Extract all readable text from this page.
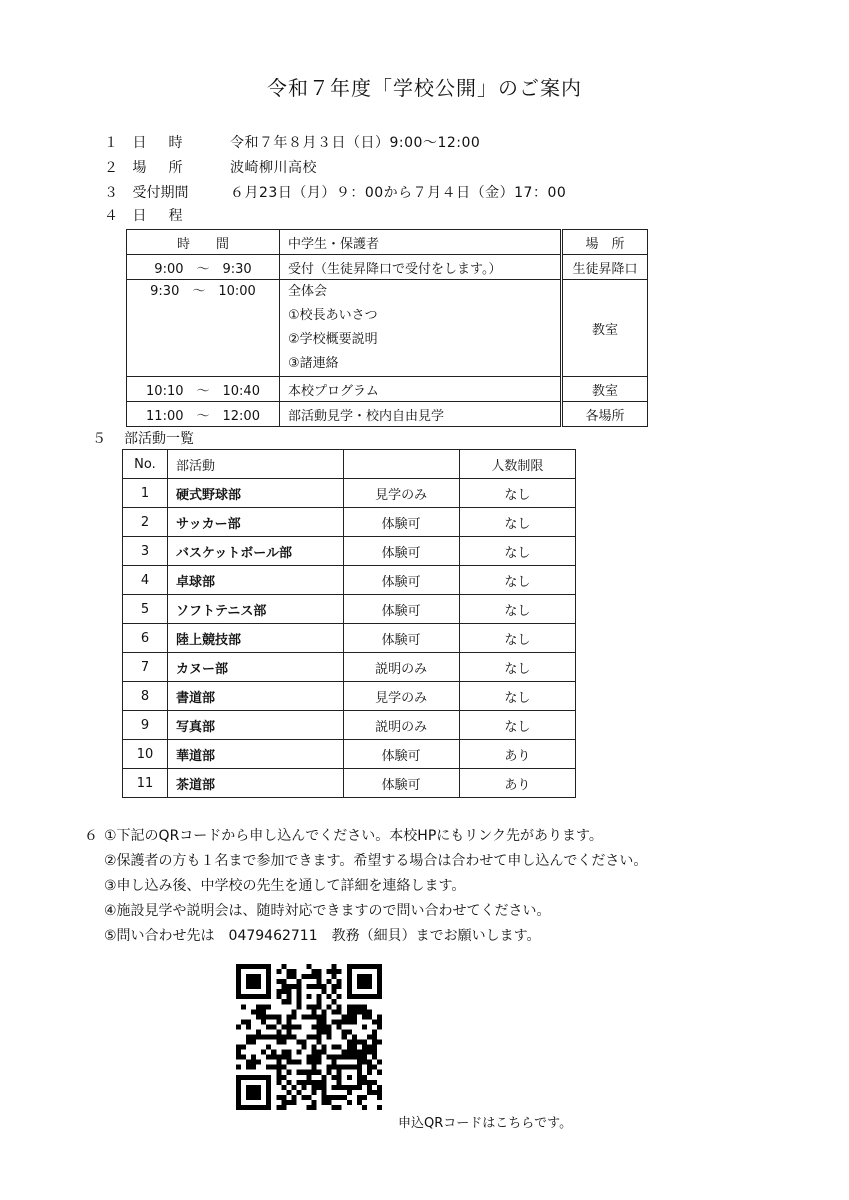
令和７年度「学校公開」のご案内
１ 日　時	令和７年８月３日（日）9:00～12:00
２ 場　所	波崎柳川高校
３ 受付期間	６月23日（月）９：00から７月４日（金）17：00
４ 日　程
時　　間	中学生・保護者		場　所
9:00　～　9:30	受付（生徒昇降口で受付をします。）		生徒昇降口

9:30　～　10:00	全体会
①校長あいさつ
②学校概要説明
③諸連絡		教室
10:10　～　10:40	本校プログラム		教室
11:00　～　12:00	部活動見学・校内自由見学		各場所
５ 部活動一覧
No.	部活動		人数制限
1	硬式野球部	見学のみ	なし
2	サッカー部	体験可	なし
3	バスケットボール部	体験可	なし
4	卓球部	体験可	なし
5	ソフトテニス部	体験可	なし
6	陸上競技部	体験可	なし
7	カヌー部	説明のみ	なし
8	書道部	見学のみ	なし
9	写真部	説明のみ	なし
10	華道部	体験可	あり
11	茶道部	体験可	あり
６ ①下記のQRコードから申し込んでください。本校HPにもリンク先があります。
②保護者の方も１名まで参加できます。希望する場合は合わせて申し込んでください。
③申し込み後、中学校の先生を通して詳細を連絡します。
④施設見学や説明会は、随時対応できますので問い合わせてください。
⑤問い合わせ先は　0479462711　教務（細貝）までお願いします。
申込QRコードはこちらです。
